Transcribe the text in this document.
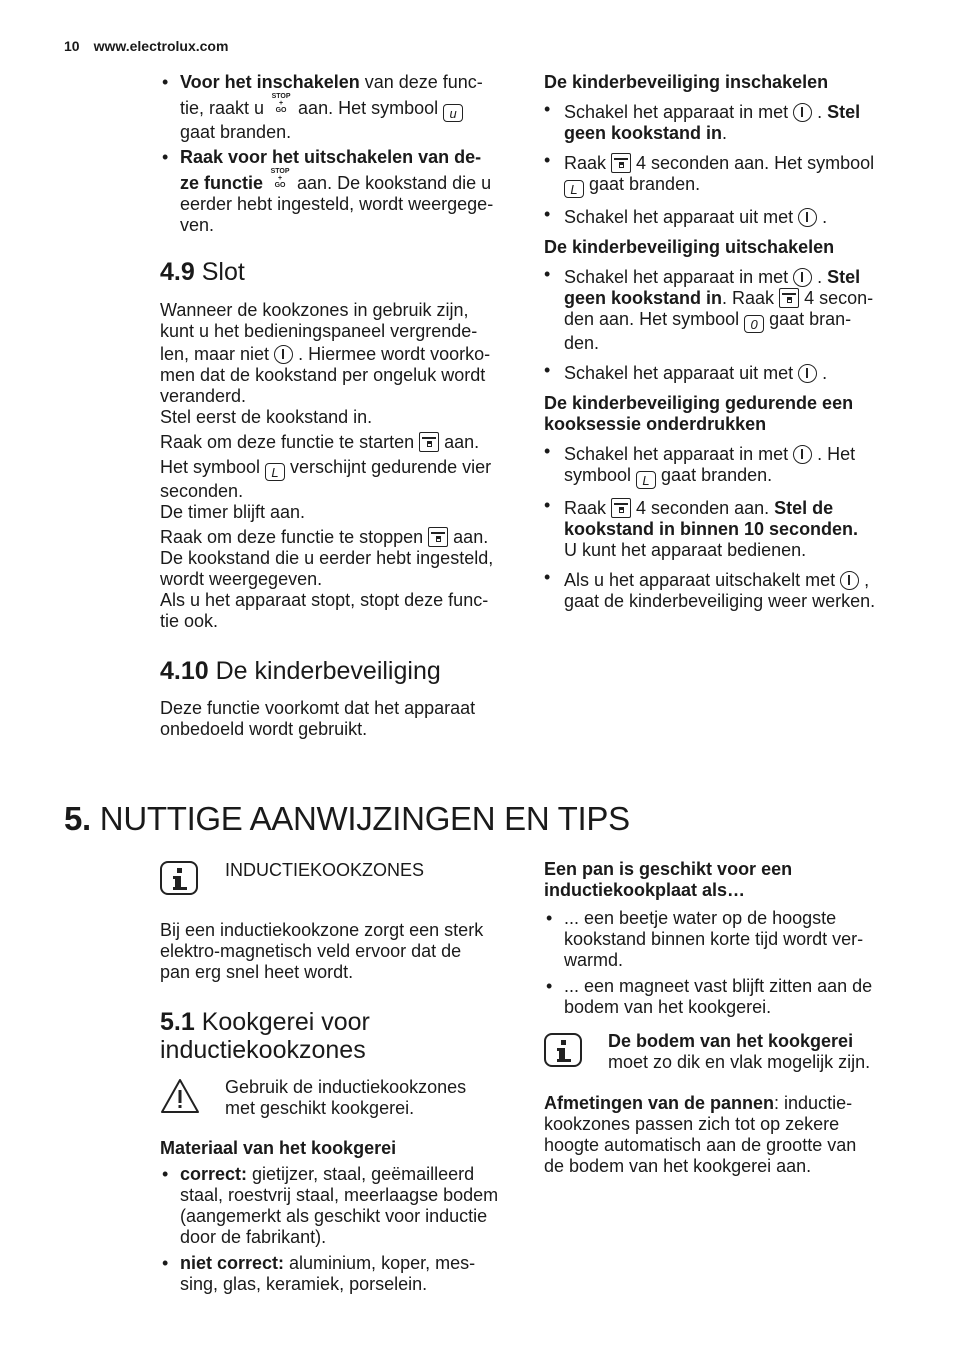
10 www.electrolux.com
• Voor het inschakelen van deze func-
tie, raakt u STOP
+
GO aan. Het symbool u
gaat branden.
• Raak voor het uitschakelen van de-
ze functie STOP
+
GO aan. De kookstand die u
eerder hebt ingesteld, wordt weergege-
ven.
4.9 Slot

Wanneer de kookzones in gebruik zijn,

kunt u het bedieningspaneel vergrende-

len, maar niet  . Hiermee wordt voorko-

men dat de kookstand per ongeluk wordt

veranderd.

Stel eerst de kookstand in.

Raak om deze functie te starten  aan.

Het symbool L verschijnt gedurende vier

seconden.

De timer blijft aan.

Raak om deze functie te stoppen  aan.

De kookstand die u eerder hebt ingesteld,

wordt weergegeven.

Als u het apparaat stopt, stopt deze func-

tie ook.

4.10 De kinderbeveiliging

Deze functie voorkomt dat het apparaat

onbedoeld wordt gebruikt.

De kinderbeveiliging inschakelen
• Schakel het apparaat in met  . Stel
geen kookstand in.
• Raak  4 seconden aan. Het symbool
L gaat branden.
• Schakel het apparaat uit met  .
De kinderbeveiliging uitschakelen
• Schakel het apparaat in met  . Stel
geen kookstand in. Raak  4 secon-
den aan. Het symbool 0 gaat bran-
den.
• Schakel het apparaat uit met  .
De kinderbeveiliging gedurende een
kooksessie onderdrukken
• Schakel het apparaat in met  . Het
symbool L gaat branden.
• Raak  4 seconden aan. Stel de
kookstand in binnen 10 seconden.
U kunt het apparaat bedienen.
• Als u het apparaat uitschakelt met  ,
gaat de kinderbeveiliging weer werken.
5. NUTTIGE AANWIJZINGEN EN TIPS
INDUCTIEKOOKZONES

Bij een inductiekookzone zorgt een sterk

elektro-magnetisch veld ervoor dat de

pan erg snel heet wordt.

5.1 Kookgerei voor
inductiekookzones

Gebruik de inductiekookzones

met geschikt kookgerei.

Materiaal van het kookgerei
• correct: gietijzer, staal, geëmailleerd
staal, roestvrij staal, meerlaagse bodem
(aangemerkt als geschikt voor inductie
door de fabrikant).
• niet correct: aluminium, koper, mes-
sing, glas, keramiek, porselein.
Een pan is geschikt voor een
inductiekookplaat als…
• ... een beetje water op de hoogste
kookstand binnen korte tijd wordt ver-
warmd.
• ... een magneet vast blijft zitten aan de
bodem van het kookgerei.

De bodem van het kookgerei

moet zo dik en vlak mogelijk zijn.

Afmetingen van de pannen: inductie-

kookzones passen zich tot op zekere

hoogte automatisch aan de grootte van

de bodem van het kookgerei aan.
